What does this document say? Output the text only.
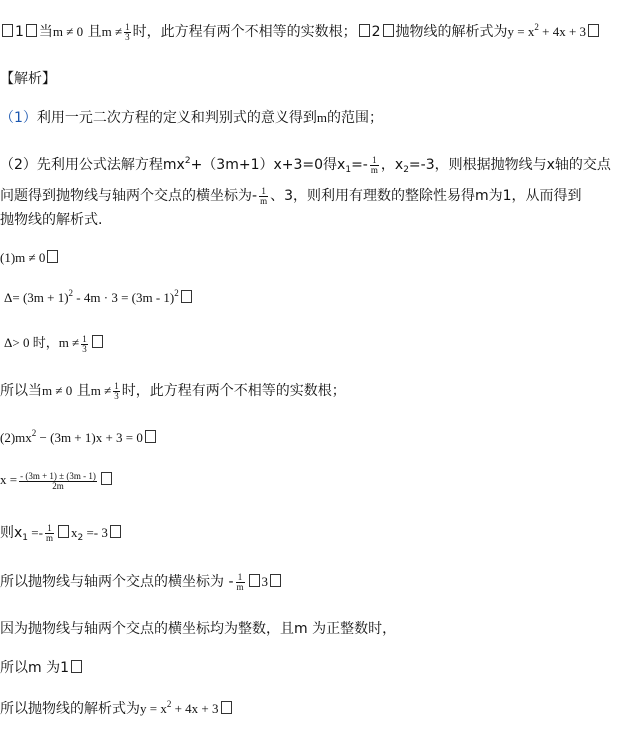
1 当m ≠ 0 且$m \ne \frac{1}{3}$ 时，此方程有两个不相等的实数根； 2 抛物线的解析式为$y = x^2 + 4x + 3$
【解析】
（1）利用一元二次方程的定义和判别式的意义得到m的范围；
（2）先利用公式法解方程$mx^2+(3m+1)x+3=0$得$x_1=- \frac{1}{m}$ ，$x_2=-3$，则根据抛物线与x轴的交点
问题得到抛物线与轴两个交点的横坐标为- $\frac{1}{m}$ 、3，则利用有理数的整除性易得m为1，从而得到
抛物线的解析式.
(1)m ≠ 0
$\Delta= (3m + 1)^2 - 4m \cdot 3 = (3m - 1)^2$
Δ> 0 时，$m \ne \frac{1}{3}$
所以当m ≠ 0 且$m \ne \frac{1}{3}$ 时，此方程有两个不相等的实数根；
$(2)mx^2 - (3m + 1)x + 3 = 0$
$x = \frac{- (3m + 1) \pm (3m - 1)}{2m}$
则$x_1 =- \frac{1}{m} x_2 =- 3$
所以抛物线与轴两个交点的横坐标为 - $\frac{1}{m} 3$
因为抛物线与轴两个交点的横坐标均为整数，且m 为正整数时，
所以m 为1
所以抛物线的解析式为$y = x^2 + 4x + 3$
